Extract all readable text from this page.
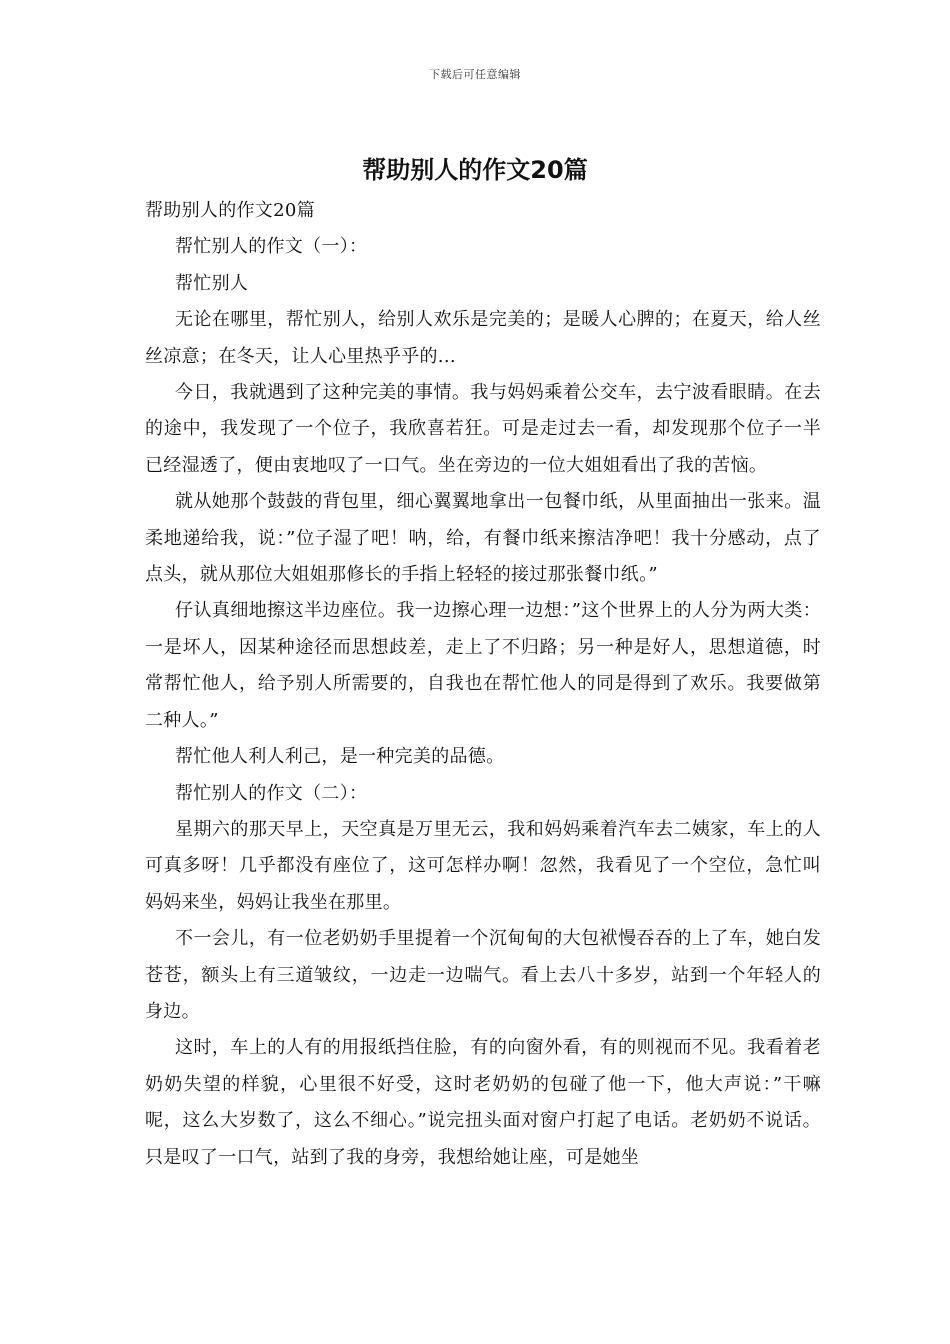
下载后可任意编辑
帮助别人的作文20篇

帮助别人的作文20篇

帮忙别人的作文（一）：

帮忙别人

无论在哪里，帮忙别人，给别人欢乐是完美的；是暖人心脾的；在夏天，给人丝丝凉意；在冬天，让人心里热乎乎的...

今日，我就遇到了这种完美的事情。我与妈妈乘着公交车，去宁波看眼睛。在去的途中，我发现了一个位子，我欣喜若狂。可是走过去一看，却发现那个位子一半已经湿透了，便由衷地叹了一口气。坐在旁边的一位大姐姐看出了我的苦恼。

就从她那个鼓鼓的背包里，细心翼翼地拿出一包餐巾纸，从里面抽出一张来。温柔地递给我，说：”位子湿了吧！呐，给，有餐巾纸来擦洁净吧！我十分感动，点了点头，就从那位大姐姐那修长的手指上轻轻的接过那张餐巾纸。”

仔认真细地擦这半边座位。我一边擦心理一边想：”这个世界上的人分为两大类：一是坏人，因某种途径而思想歧差，走上了不归路；另一种是好人，思想道德，时常帮忙他人，给予别人所需要的，自我也在帮忙他人的同是得到了欢乐。我要做第二种人。”

帮忙他人利人利己，是一种完美的品德。

帮忙别人的作文（二）：

星期六的那天早上，天空真是万里无云，我和妈妈乘着汽车去二姨家，车上的人可真多呀！几乎都没有座位了，这可怎样办啊！忽然，我看见了一个空位，急忙叫妈妈来坐，妈妈让我坐在那里。

不一会儿，有一位老奶奶手里提着一个沉甸甸的大包袱慢吞吞的上了车，她白发苍苍，额头上有三道皱纹，一边走一边喘气。看上去八十多岁，站到一个年轻人的身边。

这时，车上的人有的用报纸挡住脸，有的向窗外看，有的则视而不见。我看着老奶奶失望的样貌，心里很不好受，这时老奶奶的包碰了他一下，他大声说：”干嘛呢，这么大岁数了，这么不细心。”说完扭头面对窗户打起了电话。老奶奶不说话。只是叹了一口气，站到了我的身旁，我想给她让座，可是她坐
